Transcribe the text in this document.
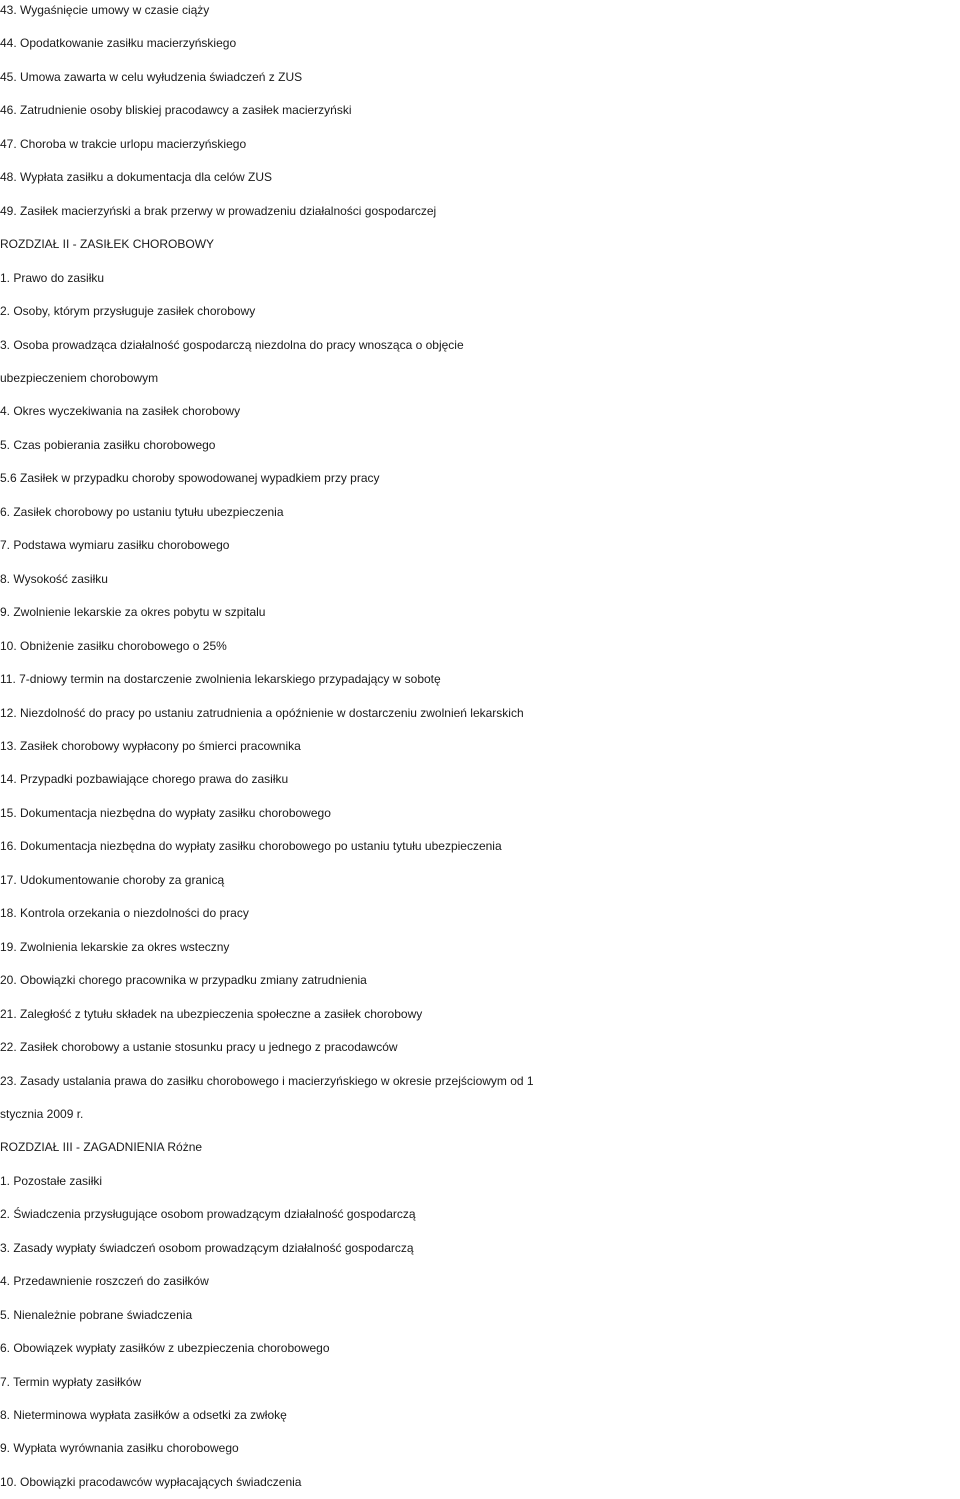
43. Wygaśnięcie umowy w czasie ciąży
44. Opodatkowanie zasiłku macierzyńskiego
45. Umowa zawarta w celu wyłudzenia świadczeń z ZUS
46. Zatrudnienie osoby bliskiej pracodawcy a zasiłek macierzyński
47. Choroba w trakcie urlopu macierzyńskiego
48. Wypłata zasiłku a dokumentacja dla celów ZUS
49. Zasiłek macierzyński a brak przerwy w prowadzeniu działalności gospodarczej
ROZDZIAŁ II - ZASIŁEK CHOROBOWY
1. Prawo do zasiłku
2. Osoby, którym przysługuje zasiłek chorobowy
3. Osoba prowadząca działalność gospodarczą niezdolna do pracy wnosząca o objęcie
ubezpieczeniem chorobowym
4. Okres wyczekiwania na zasiłek chorobowy
5. Czas pobierania zasiłku chorobowego
5.6 Zasiłek w przypadku choroby spowodowanej wypadkiem przy pracy
6. Zasiłek chorobowy po ustaniu tytułu ubezpieczenia
7. Podstawa wymiaru zasiłku chorobowego
8. Wysokość zasiłku
9. Zwolnienie lekarskie za okres pobytu w szpitalu
10. Obniżenie zasiłku chorobowego o 25%
11. 7-dniowy termin na dostarczenie zwolnienia lekarskiego przypadający w sobotę
12. Niezdolność do pracy po ustaniu zatrudnienia a opóźnienie w dostarczeniu zwolnień lekarskich
13. Zasiłek chorobowy wypłacony po śmierci pracownika
14. Przypadki pozbawiające chorego prawa do zasiłku
15. Dokumentacja niezbędna do wypłaty zasiłku chorobowego
16. Dokumentacja niezbędna do wypłaty zasiłku chorobowego po ustaniu tytułu ubezpieczenia
17. Udokumentowanie choroby za granicą
18. Kontrola orzekania o niezdolności do pracy
19. Zwolnienia lekarskie za okres wsteczny
20. Obowiązki chorego pracownika w przypadku zmiany zatrudnienia
21. Zaległość z tytułu składek na ubezpieczenia społeczne a zasiłek chorobowy
22. Zasiłek chorobowy a ustanie stosunku pracy u jednego z pracodawców
23. Zasady ustalania prawa do zasiłku chorobowego i macierzyńskiego w okresie przejściowym od 1
stycznia 2009 r.
ROZDZIAŁ III - ZAGADNIENIA Różne
1. Pozostałe zasiłki
2. Świadczenia przysługujące osobom prowadzącym działalność gospodarczą
3. Zasady wypłaty świadczeń osobom prowadzącym działalność gospodarczą
4. Przedawnienie roszczeń do zasiłków
5. Nienależnie pobrane świadczenia
6. Obowiązek wypłaty zasiłków z ubezpieczenia chorobowego
7. Termin wypłaty zasiłków
8. Nieterminowa wypłata zasiłków a odsetki za zwłokę
9. Wypłata wyrównania zasiłku chorobowego
10. Obowiązki pracodawców wypłacających świadczenia
